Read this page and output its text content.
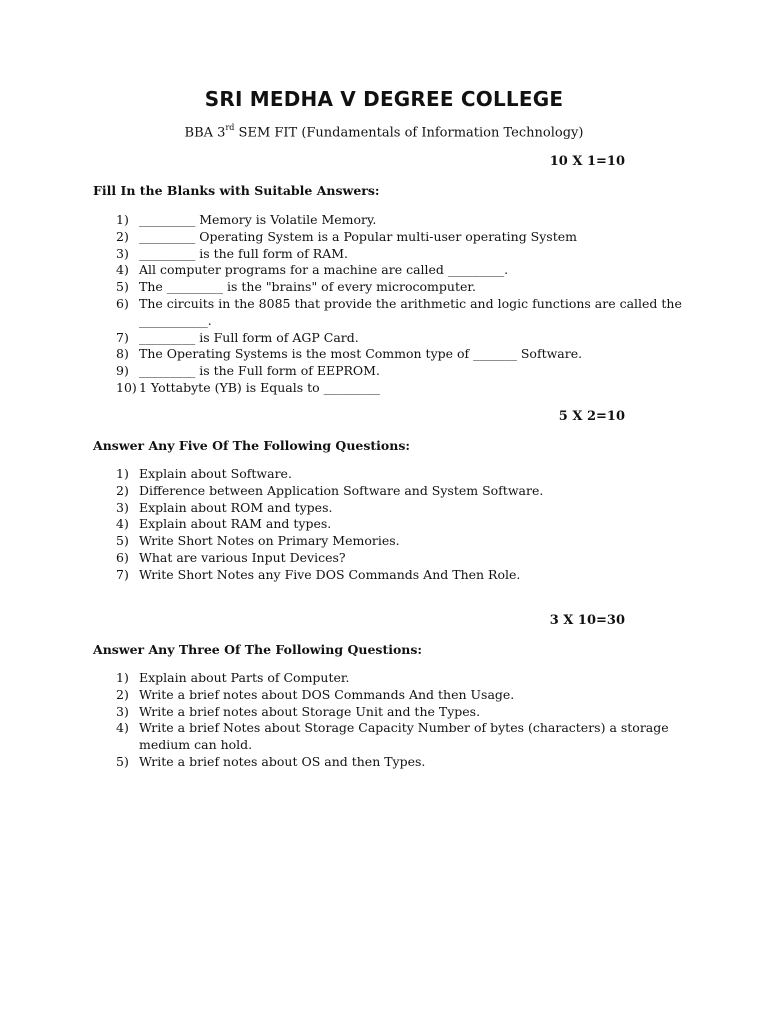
SRI MEDHA V DEGREE COLLEGE
BBA 3rd SEM FIT (Fundamentals of Information Technology)
10 X 1=10
Fill In the Blanks with Suitable Answers:
1) _________ Memory is Volatile Memory.
2) _________ Operating System is a Popular multi-user operating System
3) _________ is the full form of RAM.
4) All computer programs for a machine are called _________.
5) The _________ is the "brains" of every microcomputer.
6) The circuits in the 8085 that provide the arithmetic and logic functions are called the ___________.
7) _________ is Full form of AGP Card.
8) The Operating Systems is the most Common type of _______ Software.
9) _________ is the Full form of EEPROM.
10) 1 Yottabyte (YB) is Equals to _________
5 X 2=10
Answer Any Five Of The Following Questions:
1) Explain about Software.
2) Difference between Application Software and System Software.
3) Explain about ROM and types.
4) Explain about RAM and types.
5) Write Short Notes on Primary Memories.
6) What are various Input Devices?
7) Write Short Notes any Five DOS Commands And Then Role.
3 X 10=30
Answer Any Three Of The Following Questions:
1) Explain about Parts of Computer.
2) Write a brief notes about DOS Commands And then Usage.
3) Write a brief notes about Storage Unit and the Types.
4) Write a brief Notes about Storage Capacity Number of bytes (characters) a storage medium can hold.
5) Write a brief notes about OS and then Types.
